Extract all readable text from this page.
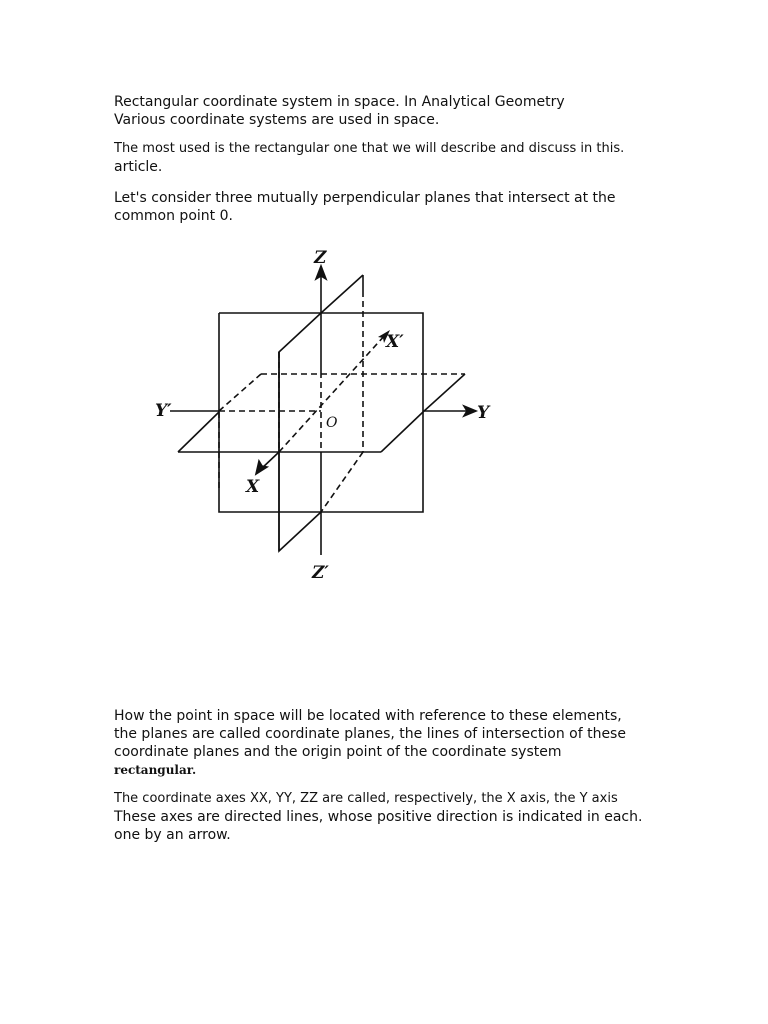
Rectangular coordinate system in space. In Analytical Geometry
Various coordinate systems are used in space.

The most used is the rectangular one that we will describe and discuss in this.
article.

Let's consider three mutually perpendicular planes that intersect at the
common point 0.

Z
Z′
Y
Y′
X
X′
O

How the point in space will be located with reference to these elements,
the planes are called coordinate planes, the lines of intersection of these
coordinate planes and the origin point of the coordinate system
rectangular.

The coordinate axes XX, YY, ZZ are called, respectively, the X axis, the Y axis
These axes are directed lines, whose positive direction is indicated in each.
one by an arrow.
